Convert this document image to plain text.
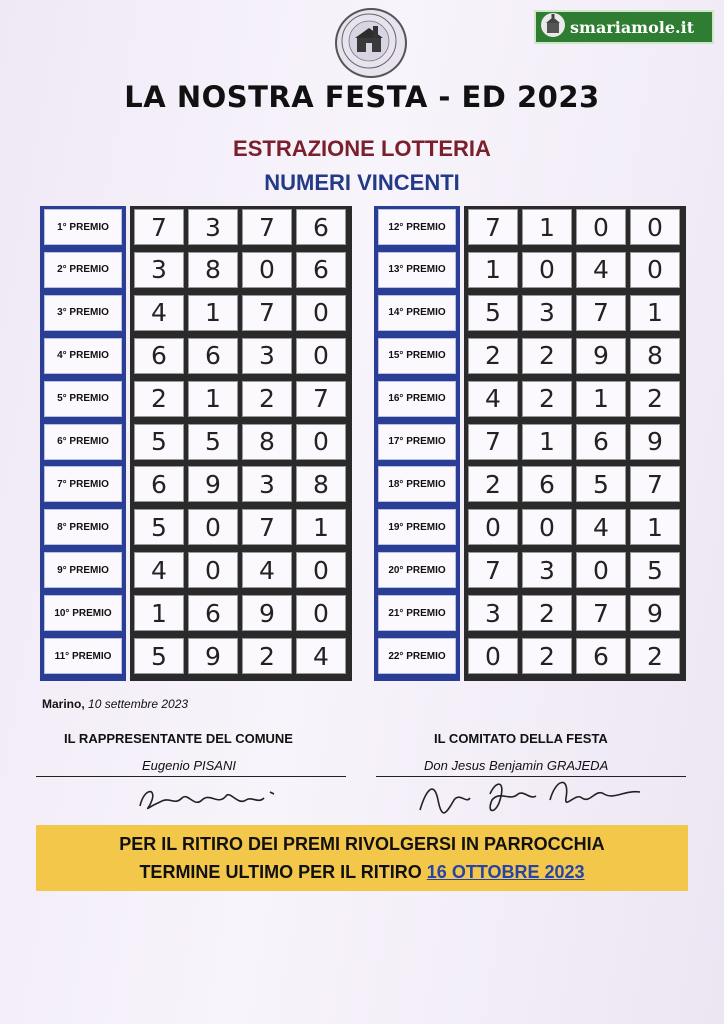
smariamole.it
LA NOSTRA FESTA - ED 2023
ESTRAZIONE LOTTERIA
NUMERI VINCENTI
1° PREMIO	7	3	7	6
2° PREMIO	3	8	0	6
3° PREMIO	4	1	7	0
4° PREMIO	6	6	3	0
5° PREMIO	2	1	2	7
6° PREMIO	5	5	8	0
7° PREMIO	6	9	3	8
8° PREMIO	5	0	7	1
9° PREMIO	4	0	4	0
10° PREMIO	1	6	9	0
11° PREMIO	5	9	2	4
12° PREMIO	7	1	0	0
13° PREMIO	1	0	4	0
14° PREMIO	5	3	7	1
15° PREMIO	2	2	9	8
16° PREMIO	4	2	1	2
17° PREMIO	7	1	6	9
18° PREMIO	2	6	5	7
19° PREMIO	0	0	4	1
20° PREMIO	7	3	0	5
21° PREMIO	3	2	7	9
22° PREMIO	0	2	6	2
Marino, 10 settembre 2023
IL RAPPRESENTANTE DEL COMUNE
Eugenio PISANI
IL COMITATO DELLA FESTA
Don Jesus Benjamin GRAJEDA
PER IL RITIRO DEI PREMI RIVOLGERSI IN PARROCCHIA
TERMINE ULTIMO PER IL RITIRO 16 OTTOBRE 2023
